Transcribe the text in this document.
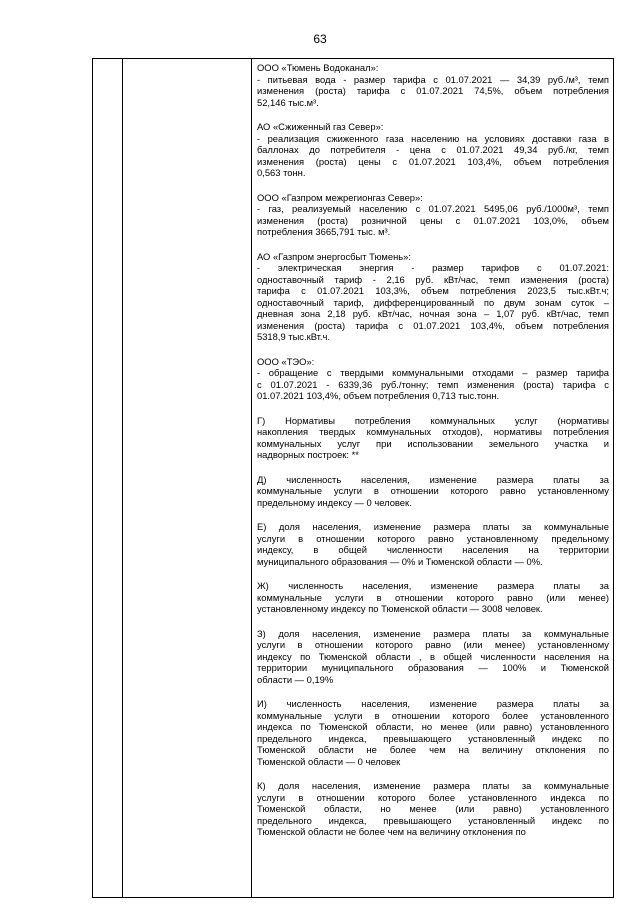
63
ООО «Тюмень Водоканал»:
- питьевая вода - размер тарифа с 01.07.2021 — 34,39 руб./м³, темп
изменения (роста) тарифа с 01.07.2021 74,5%, объем потребления
52,146 тыс.м³.
АО «Сжиженный газ Север»:
- реализация сжиженного газа населению на условиях доставки газа в
баллонах до потребителя - цена с 01.07.2021 49,34 руб./кг, темп
изменения (роста) цены с 01.07.2021 103,4%, объем потребления
0,563 тонн.
ООО «Газпром межрегионгаз Север»:
- газ, реализуемый населению с 01.07.2021 5495,06 руб./1000м³, темп
изменения (роста) розничной цены с 01.07.2021 103,0%, объем
потребления 3665,791 тыс. м³.
АО «Газпром энергосбыт Тюмень»:
- электрическая энергия - размер тарифов с 01.07.2021:
одноставочный тариф - 2,16 руб. кВт/час, темп изменения (роста)
тарифа с 01.07.2021 103,3%, объем потребления 2023,5 тыс.кВт.ч;
одноставочный тариф, дифференцированный по двум зонам суток –
дневная зона 2,18 руб. кВт/час, ночная зона – 1,07 руб. кВт/час, темп
изменения (роста) тарифа с 01.07.2021 103,4%, объем потребления
5318,9 тыс.кВт.ч.
ООО «ТЭО»:
- обращение с твердыми коммунальными отходами – размер тарифа
с 01.07.2021 - 6339,36 руб./тонну; темп изменения (роста) тарифа с
01.07.2021 103,4%, объем потребления 0,713 тыс.тонн.
Г) Нормативы потребления коммунальных услуг (нормативы
накопления твердых коммунальных отходов), нормативы потребления
коммунальных услуг при использовании земельного участка и
надворных построек: **
Д) численность населения, изменение размера платы за
коммунальные услуги в отношении которого равно установленному
предельному индексу — 0 человек.
Е) доля населения, изменение размера платы за коммунальные
услуги в отношении которого равно установленному предельному
индексу, в общей численности населения на территории
муниципального образования — 0% и Тюменской области — 0%.
Ж) численность населения, изменение размера платы за
коммунальные услуги в отношении которого равно (или менее)
установленному индексу по Тюменской области — 3008 человек.
З) доля населения, изменение размера платы за коммунальные
услуги в отношении которого равно (или менее) установленному
индексу по Тюменской области , в общей численности населения на
территории муниципального образования — 100% и Тюменской
области — 0,19%
И) численность населения, изменение размера платы за
коммунальные услуги в отношении которого более установленного
индекса по Тюменской области, но менее (или равно) установленного
предельного индекса, превышающего установленный индекс по
Тюменской области не более чем на величину отклонения по
Тюменской области — 0 человек
К) доля населения, изменение размера платы за коммунальные
услуги в отношении которого более установленного индекса по
Тюменской области, но менее (или равно) установленного
предельного индекса, превышающего установленный индекс по
Тюменской области не более чем на величину отклонения по
